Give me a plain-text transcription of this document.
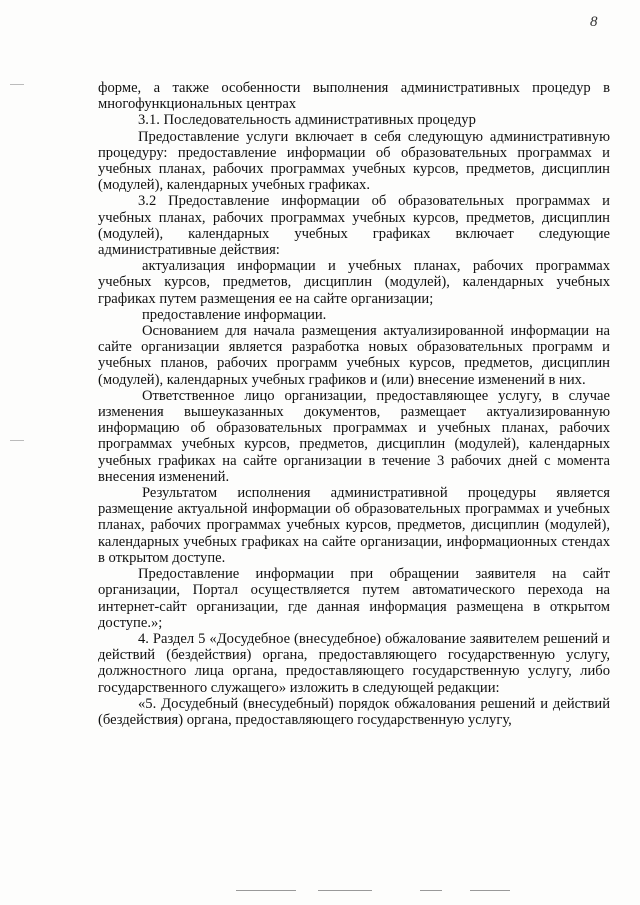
8

форме, а также особенности выполнения административных процедур в многофункциональных центрах

3.1. Последовательность административных процедур

Предоставление услуги включает в себя следующую административную процедуру: предоставление информации об образовательных программах и учебных планах, рабочих программах учебных курсов, предметов, дисциплин (модулей), календарных учебных графиках.

3.2 Предоставление информации об образовательных программах и учебных планах, рабочих программах учебных курсов, предметов, дисциплин (модулей), календарных учебных графиках включает следующие административные действия:

актуализация информации и учебных планах, рабочих программах учебных курсов, предметов, дисциплин (модулей), календарных учебных графиках путем размещения ее на сайте организации;

предоставление информации.

Основанием для начала размещения актуализированной информации на сайте организации является разработка новых образовательных программ и учебных планов, рабочих программ учебных курсов, предметов, дисциплин (модулей), календарных учебных графиков и (или) внесение изменений в них.

Ответственное лицо организации, предоставляющее услугу, в случае изменения вышеуказанных документов, размещает актуализированную информацию об образовательных программах и учебных планах, рабочих программах учебных курсов, предметов, дисциплин (модулей), календарных учебных графиках на сайте организации в течение 3 рабочих дней с момента внесения изменений.

Результатом исполнения административной процедуры является размещение актуальной информации об образовательных программах и учебных планах, рабочих программах учебных курсов, предметов, дисциплин (модулей), календарных учебных графиках на сайте организации, информационных стендах в открытом доступе.

Предоставление информации при обращении заявителя на сайт организации, Портал осуществляется путем автоматического перехода на интернет-сайт организации, где данная информация размещена в открытом доступе.»;

4. Раздел 5 «Досудебное (внесудебное) обжалование заявителем решений и действий (бездействия) органа, предоставляющего государственную услугу, должностного лица органа, предоставляющего государственную услугу, либо государственного служащего» изложить в следующей редакции:

«5. Досудебный (внесудебный) порядок обжалования решений и действий (бездействия) органа, предоставляющего государственную услугу,
